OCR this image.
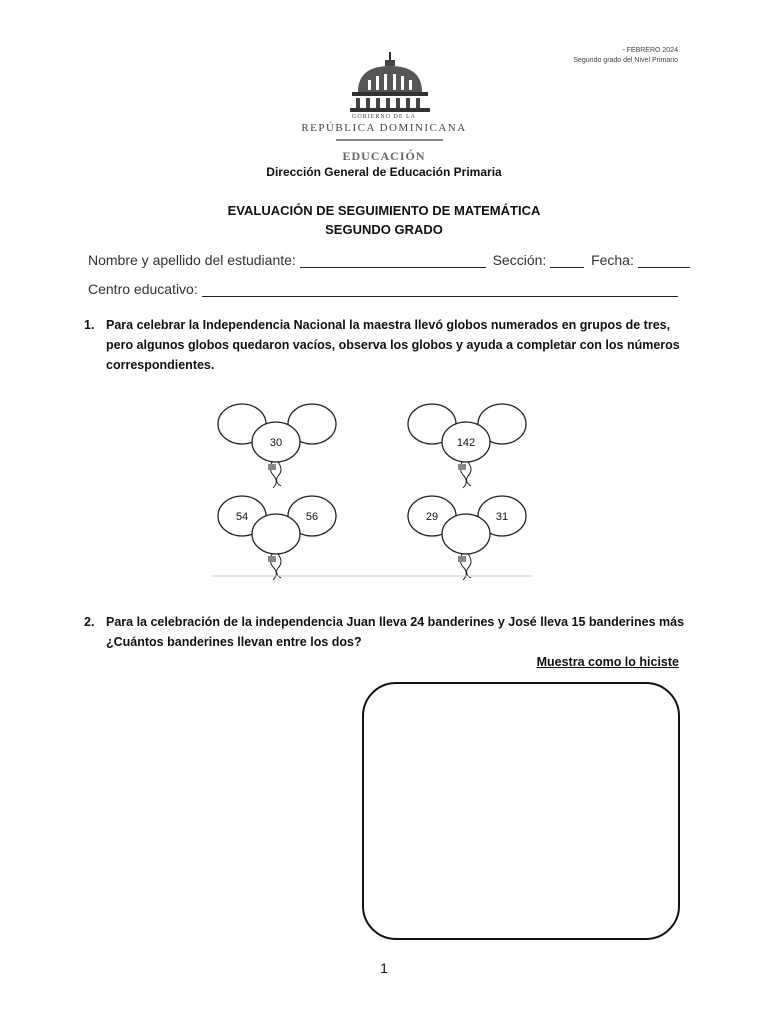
- FEBRERO 2024
Segundo grado del Nivel Primario
GOBIERNO DE LA
REPÚBLICA DOMINICANA
EDUCACIÓN
Dirección General de Educación Primaria
EVALUACIÓN DE SEGUIMIENTO DE MATEMÁTICA
SEGUNDO GRADO
Nombre y apellido del estudiante:	Sección:	Fecha:
Centro educativo:
1. Para celebrar la Independencia Nacional la maestra llevó globos numerados en grupos de tres, pero algunos globos quedaron vacíos, observa los globos y ayuda a completar con los números correspondientes.
30	142
54	56	29	31
2. Para la celebración de la independencia Juan lleva 24 banderines y José lleva 15 banderines más ¿Cuántos banderines llevan entre los dos?
Muestra como lo hiciste
1
